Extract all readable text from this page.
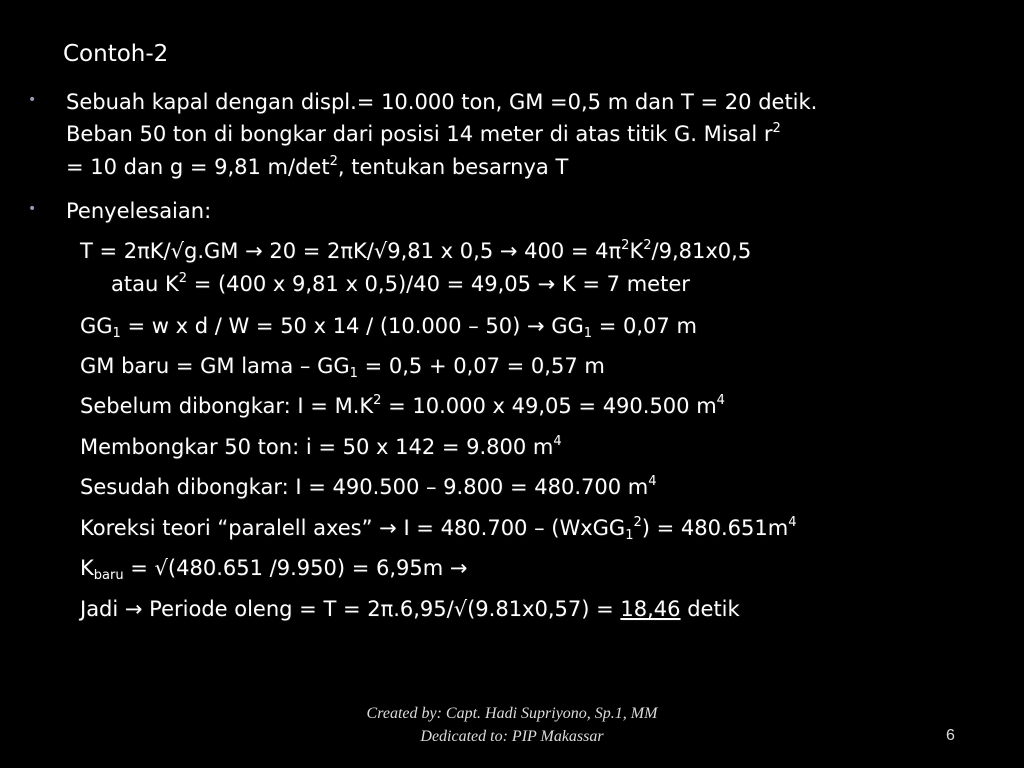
Contoh-2
• Sebuah kapal dengan displ.= 10.000 ton, GM =0,5 m dan T = 20 detik.
Beban 50 ton di bongkar dari posisi 14 meter di atas titik G. Misal $r^2$
= 10 dan g = 9,81 $m/\det^2$, tentukan besarnya T
• Penyelesaian:
T = 2πK/√g.GM → 20 = 2πK/√9,81 x $0,5 \to 400 = 4\pi^2K^2/9,81x0,5$
atau $K^2 = (400$ x 9,81 x 0,5)/40 = 49,05 → K = 7 meter
$GG_1 = w$ x d / W = 50 x $14 / (10.000 - 50) \to GG_1 = 0,07$ m
GM baru = GM lama – $GG_1 = 0,5 + 0,07 = 0,57$ m
Sebelum dibongkar: $I = M.K^2 = 10.000$ x 49,05 = 490.500 $m^4$
Membongkar 50 ton: i = 50 x 142 = 9.800 $m^4$
Sesudah dibongkar: I = 490.500 – 9.800 = 480.700 $m^4$
Koreksi teori “paralell axes” → I = 480.700 – (WxGG$_1^2$) = $480.651m^4$
$K_{baru} = √(480.651$ /9.950) = 6,95m →
Jadi → Periode oleng = T = 2π.6,95/√(9.81x0,57) = 18,46 detik
Created by: Capt. Hadi Supriyono, Sp.1, MM
Dedicated to: PIP Makassar	6
